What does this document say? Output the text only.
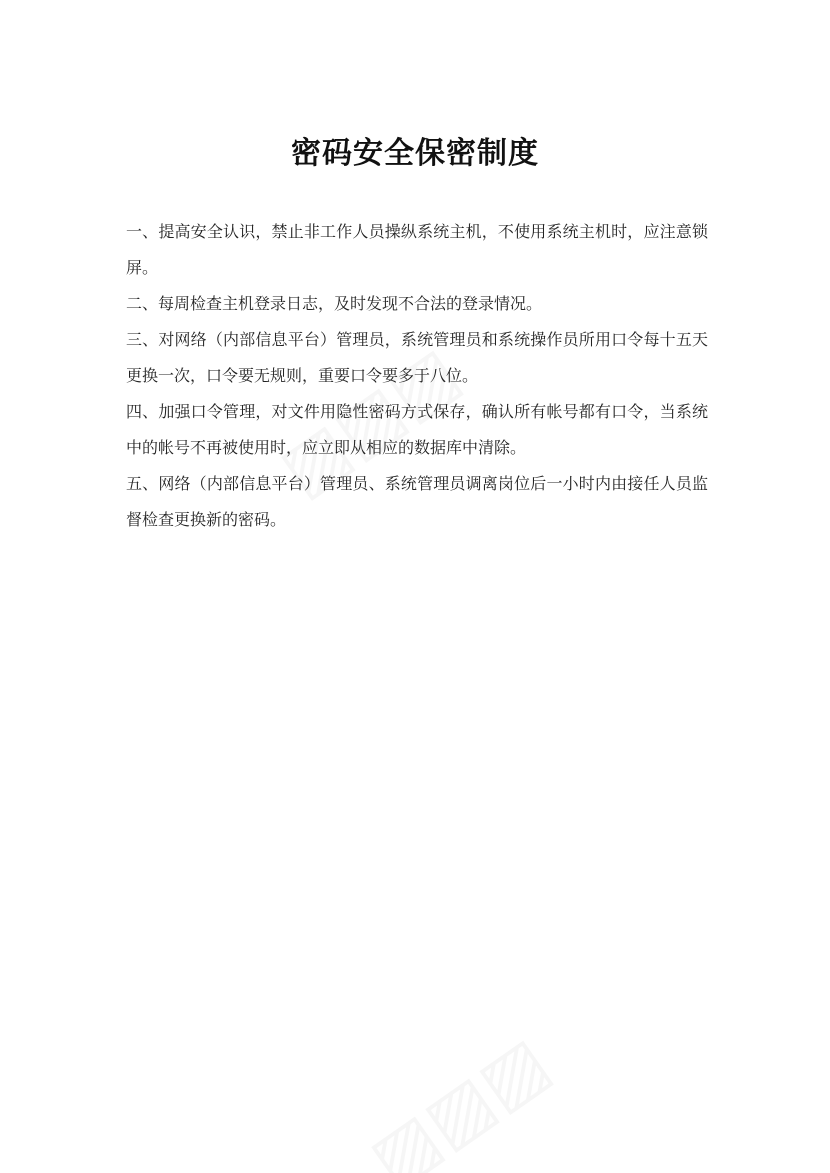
密码安全保密制度

一、提高安全认识，禁止非工作人员操纵系统主机，不使用系统主机时，应注意锁屏。

二、每周检查主机登录日志，及时发现不合法的登录情况。

三、对网络（内部信息平台）管理员，系统管理员和系统操作员所用口令每十五天更换一次，口令要无规则，重要口令要多于八位。

四、加强口令管理，对文件用隐性密码方式保存，确认所有帐号都有口令，当系统中的帐号不再被使用时，应立即从相应的数据库中清除。

五、网络（内部信息平台）管理员、系统管理员调离岗位后一小时内由接任人员监督检查更换新的密码。
